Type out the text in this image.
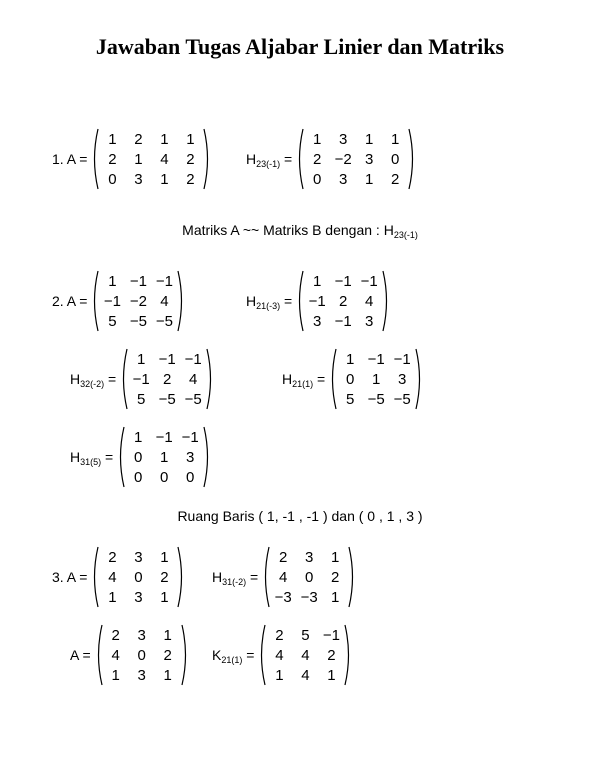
Jawaban Tugas Aljabar Linier dan Matriks
Matriks A ~~ Matriks B dengan : $H_{23(-1)}$
Ruang Baris ( 1, -1 , -1 ) dan ( 0 , 1 , 3 )
1. A =
1	2	1	1
2	1	4	2
0	3	1	2
$H_{23(-1)}$ =
1	3	1	1
2 −2 3	0
0	3	1	2
2. A =
1 −1 −1
−1 −2 4
5 −5 −5
$H_{21(-3)}$ =
1 −1 −1
−1 2	4
3 −1 3
$H_{32(-2)}$ =
1 −1 −1
−1 2	4
5 −5 −5
$H_{21(1)}$ =
1 −1 −1
0	1	3
5 −5 −5
$H_{31(5)}$ =
1 −1 −1
0	1	3
0	0	0
3. A =
2	3	1
4	0	2
1	3	1
$H_{31(-2)}$ =
2	3	1
4	0	2
−3 −3 1
A =
2	3	1
4	0	2
1	3	1
$K_{21(1)}$ =
2	5 −1
4	4	2
1	4	1
